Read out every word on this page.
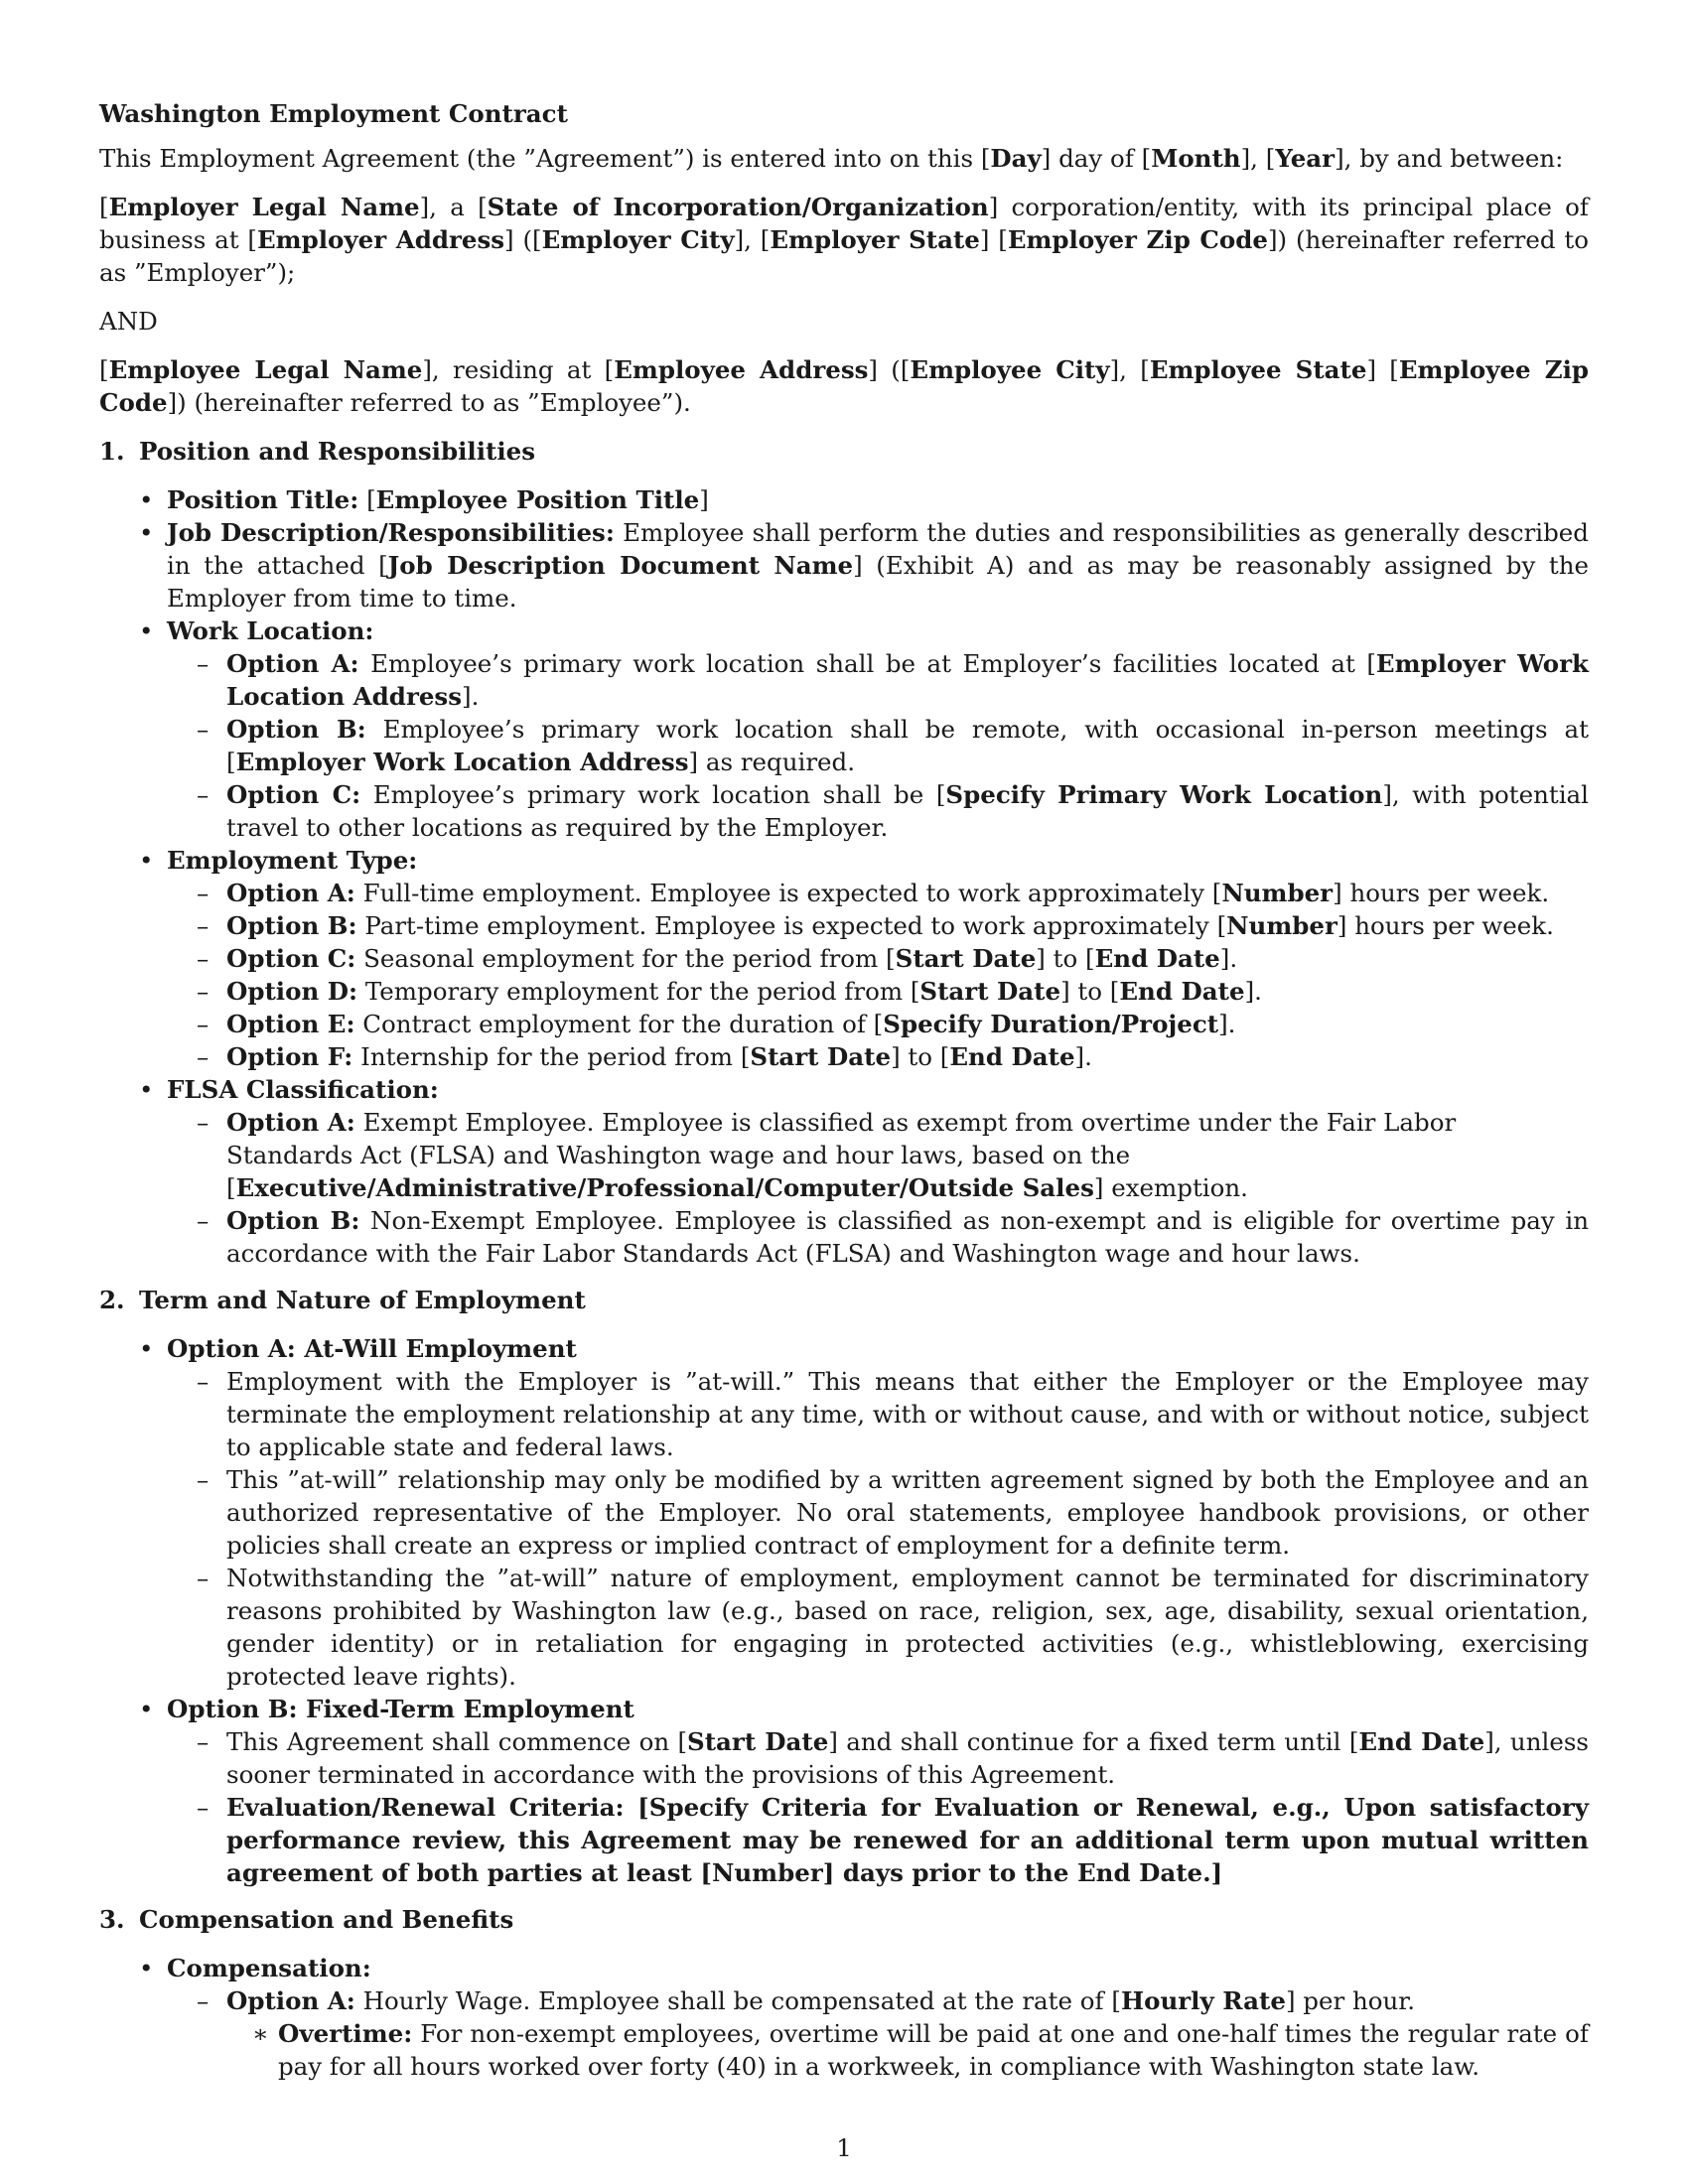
Washington Employment Contract

This Employment Agreement (the ”Agreement”) is entered into on this [Day] day of [Month], [Year], by and between:

[Employer Legal Name], a [State of Incorporation/Organization] corporation/entity, with its principal place of business at [Employer Address] ([Employer City], [Employer State] [Employer Zip Code]) (hereinafter referred to as ”Employer”);

AND

[Employee Legal Name], residing at [Employee Address] ([Employee City], [Employee State] [Employee Zip Code]) (hereinafter referred to as ”Employee”).

1. Position and Responsibilities
• Position Title: [Employee Position Title]
• Job Description/Responsibilities: Employee shall perform the duties and responsibilities as generally described in the attached [Job Description Document Name] (Exhibit A) and as may be reasonably assigned by the Employer from time to time.
• Work Location:
– Option A: Employee’s primary work location shall be at Employer’s facilities located at [Employer Work Location Address].
– Option B: Employee’s primary work location shall be remote, with occasional in-person meetings at [Employer Work Location Address] as required.
– Option C: Employee’s primary work location shall be [Specify Primary Work Location], with potential travel to other locations as required by the Employer.
• Employment Type:
– Option A: Full-time employment. Employee is expected to work approximately [Number] hours per week.
– Option B: Part-time employment. Employee is expected to work approximately [Number] hours per week.
– Option C: Seasonal employment for the period from [Start Date] to [End Date].
– Option D: Temporary employment for the period from [Start Date] to [End Date].
– Option E: Contract employment for the duration of [Specify Duration/Project].
– Option F: Internship for the period from [Start Date] to [End Date].
• FLSA Classification:
– Option A: Exempt Employee. Employee is classified as exempt from overtime under the Fair Labor Standards Act (FLSA) and Washington wage and hour laws, based on the [Executive/Administrative/Professional/Computer/Outside Sales] exemption.
– Option B: Non-Exempt Employee. Employee is classified as non-exempt and is eligible for overtime pay in accordance with the Fair Labor Standards Act (FLSA) and Washington wage and hour laws.
2. Term and Nature of Employment
• Option A: At-Will Employment
– Employment with the Employer is ”at-will.” This means that either the Employer or the Employee may terminate the employment relationship at any time, with or without cause, and with or without notice, subject to applicable state and federal laws.
– This ”at-will” relationship may only be modified by a written agreement signed by both the Employee and an authorized representative of the Employer. No oral statements, employee handbook provisions, or other policies shall create an express or implied contract of employment for a definite term.
– Notwithstanding the ”at-will” nature of employment, employment cannot be terminated for discriminatory reasons prohibited by Washington law (e.g., based on race, religion, sex, age, disability, sexual orientation, gender identity) or in retaliation for engaging in protected activities (e.g., whistleblowing, exercising protected leave rights).
• Option B: Fixed-Term Employment
– This Agreement shall commence on [Start Date] and shall continue for a fixed term until [End Date], unless sooner terminated in accordance with the provisions of this Agreement.
– Evaluation/Renewal Criteria: [Specify Criteria for Evaluation or Renewal, e.g., Upon satisfactory performance review, this Agreement may be renewed for an additional term upon mutual written agreement of both parties at least [Number] days prior to the End Date.]
3. Compensation and Benefits
• Compensation:
– Option A: Hourly Wage. Employee shall be compensated at the rate of [Hourly Rate] per hour.
∗ Overtime: For non-exempt employees, overtime will be paid at one and one-half times the regular rate of pay for all hours worked over forty (40) in a workweek, in compliance with Washington state law.
1
